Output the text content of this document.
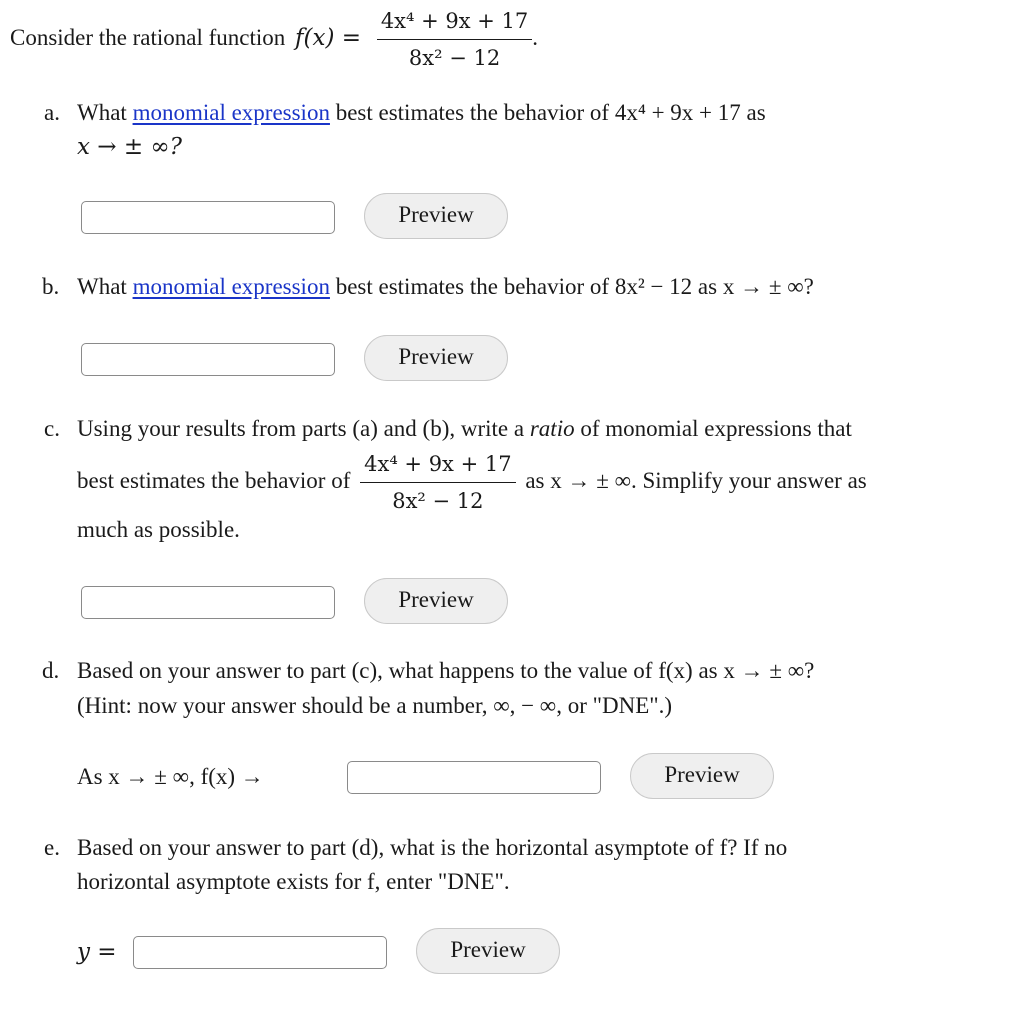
Consider the rational function $f(x) = \frac{\text{4x⁴ + 9x + 17}}{\text{8x² − 12}}$ .
a. What monomial expression best estimates the behavior of 4x⁴ + 9x + 17 as
x → ± ∞?
Preview
b. What monomial expression best estimates the behavior of 8x² − 12 as x → ± ∞?
Preview
c. Using your results from parts (a) and (b), write a ratio of monomial expressions that
best estimates the behavior of $\frac{\text{4x⁴ + 9x + 17}}{\text{8x² − 12}}$ as x → ± ∞. Simplify your answer as
much as possible.
Preview
d. Based on your answer to part (c), what happens to the value of f(x) as x → ± ∞?
(Hint: now your answer should be a number, ∞, − ∞, or "DNE".)
As x → ± ∞, f(x) →	Preview
e. Based on your answer to part (d), what is the horizontal asymptote of f? If no
horizontal asymptote exists for f, enter "DNE".
y =	Preview
